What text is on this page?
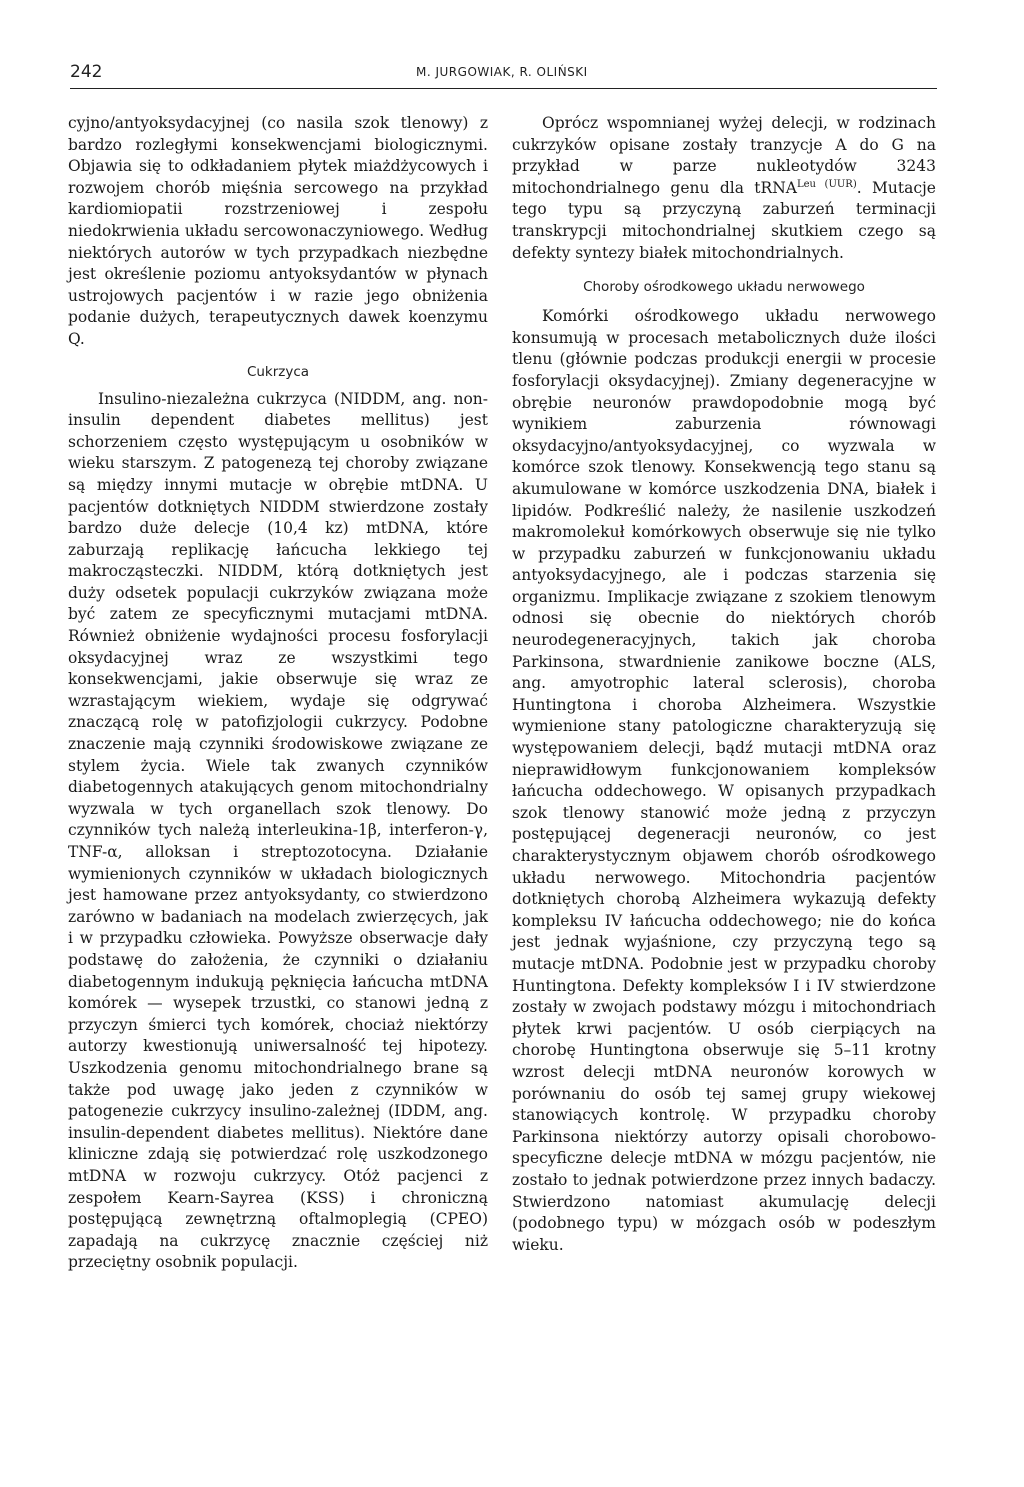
242	M. JURGOWIAK, R. OLIŃSKI

cyjno/antyoksydacyjnej (co nasila szok tlenowy) z bardzo rozległymi konsekwencjami biologicznymi. Objawia się to odkładaniem płytek miażdżycowych i rozwojem chorób mięśnia sercowego na przykład kardiomiopatii rozstrzeniowej i zespołu niedokrwienia układu sercowonaczyniowego. Według niektórych autorów w tych przypadkach niezbędne jest określenie poziomu antyoksydantów w płynach ustrojowych pacjentów i w razie jego obniżenia podanie dużych, terapeutycznych dawek koenzymu Q.

Cukrzyca

Insulino-niezależna cukrzyca (NIDDM, ang. non-insulin dependent diabetes mellitus) jest schorzeniem często występującym u osobników w wieku starszym. Z patogenezą tej choroby związane są między innymi mutacje w obrębie mtDNA. U pacjentów dotkniętych NIDDM stwierdzone zostały bardzo duże delecje (10,4 kz) mtDNA, które zaburzają replikację łańcucha lekkiego tej makrocząsteczki. NIDDM, którą dotkniętych jest duży odsetek populacji cukrzyków związana może być zatem ze specyficznymi mutacjami mtDNA. Również obniżenie wydajności procesu fosforylacji oksydacyjnej wraz ze wszystkimi tego konsekwencjami, jakie obserwuje się wraz ze wzrastającym wiekiem, wydaje się odgrywać znaczącą rolę w patofizjologii cukrzycy. Podobne znaczenie mają czynniki środowiskowe związane ze stylem życia. Wiele tak zwanych czynników diabetogennych atakujących genom mitochondrialny wyzwala w tych organellach szok tlenowy. Do czynników tych należą interleukina-1β, interferon-γ, TNF-α, alloksan i streptozotocyna. Działanie wymienionych czynników w układach biologicznych jest hamowane przez antyoksydanty, co stwierdzono zarówno w badaniach na modelach zwierzęcych, jak i w przypadku człowieka. Powyższe obserwacje dały podstawę do założenia, że czynniki o działaniu diabetogennym indukują pęknięcia łańcucha mtDNA komórek — wysepek trzustki, co stanowi jedną z przyczyn śmierci tych komórek, chociaż niektórzy autorzy kwestionują uniwersalność tej hipotezy. Uszkodzenia genomu mitochondrialnego brane są także pod uwagę jako jeden z czynników w patogenezie cukrzycy insulino-zależnej (IDDM, ang. insulin-dependent diabetes mellitus). Niektóre dane kliniczne zdają się potwierdzać rolę uszkodzonego mtDNA w rozwoju cukrzycy. Otóż pacjenci z zespołem Kearn-Sayrea (KSS) i chroniczną postępującą zewnętrzną oftalmoplegią (CPEO) zapadają na cukrzycę znacznie częściej niż przeciętny osobnik populacji.

Oprócz wspomnianej wyżej delecji, w rodzinach cukrzyków opisane zostały tranzycje A do G na przykład w parze nukleotydów 3243 mitochondrialnego genu dla tRNA$^{Leu (UUR)}$. Mutacje tego typu są przyczyną zaburzeń terminacji transkrypcji mitochondrialnej skutkiem czego są defekty syntezy białek mitochondrialnych.

Choroby ośrodkowego układu nerwowego

Komórki ośrodkowego układu nerwowego konsumują w procesach metabolicznych duże ilości tlenu (głównie podczas produkcji energii w procesie fosforylacji oksydacyjnej). Zmiany degeneracyjne w obrębie neuronów prawdopodobnie mogą być wynikiem zaburzenia równowagi oksydacyjno/antyoksydacyjnej, co wyzwala w komórce szok tlenowy. Konsekwencją tego stanu są akumulowane w komórce uszkodzenia DNA, białek i lipidów. Podkreślić należy, że nasilenie uszkodzeń makromolekuł komórkowych obserwuje się nie tylko w przypadku zaburzeń w funkcjonowaniu układu antyoksydacyjnego, ale i podczas starzenia się organizmu. Implikacje związane z szokiem tlenowym odnosi się obecnie do niektórych chorób neurodegeneracyjnych, takich jak choroba Parkinsona, stwardnienie zanikowe boczne (ALS, ang. amyotrophic lateral sclerosis), choroba Huntingtona i choroba Alzheimera. Wszystkie wymienione stany patologiczne charakteryzują się występowaniem delecji, bądź mutacji mtDNA oraz nieprawidłowym funkcjonowaniem kompleksów łańcucha oddechowego. W opisanych przypadkach szok tlenowy stanowić może jedną z przyczyn postępującej degeneracji neuronów, co jest charakterystycznym objawem chorób ośrodkowego układu nerwowego. Mitochondria pacjentów dotkniętych chorobą Alzheimera wykazują defekty kompleksu IV łańcucha oddechowego; nie do końca jest jednak wyjaśnione, czy przyczyną tego są mutacje mtDNA. Podobnie jest w przypadku choroby Huntingtona. Defekty kompleksów I i IV stwierdzone zostały w zwojach podstawy mózgu i mitochondriach płytek krwi pacjentów. U osób cierpiących na chorobę Huntingtona obserwuje się 5–11 krotny wzrost delecji mtDNA neuronów korowych w porównaniu do osób tej samej grupy wiekowej stanowiących kontrolę. W przypadku choroby Parkinsona niektórzy autorzy opisali chorobowo-specyficzne delecje mtDNA w mózgu pacjentów, nie zostało to jednak potwierdzone przez innych badaczy. Stwierdzono natomiast akumulację delecji (podobnego typu) w mózgach osób w podeszłym wieku.
